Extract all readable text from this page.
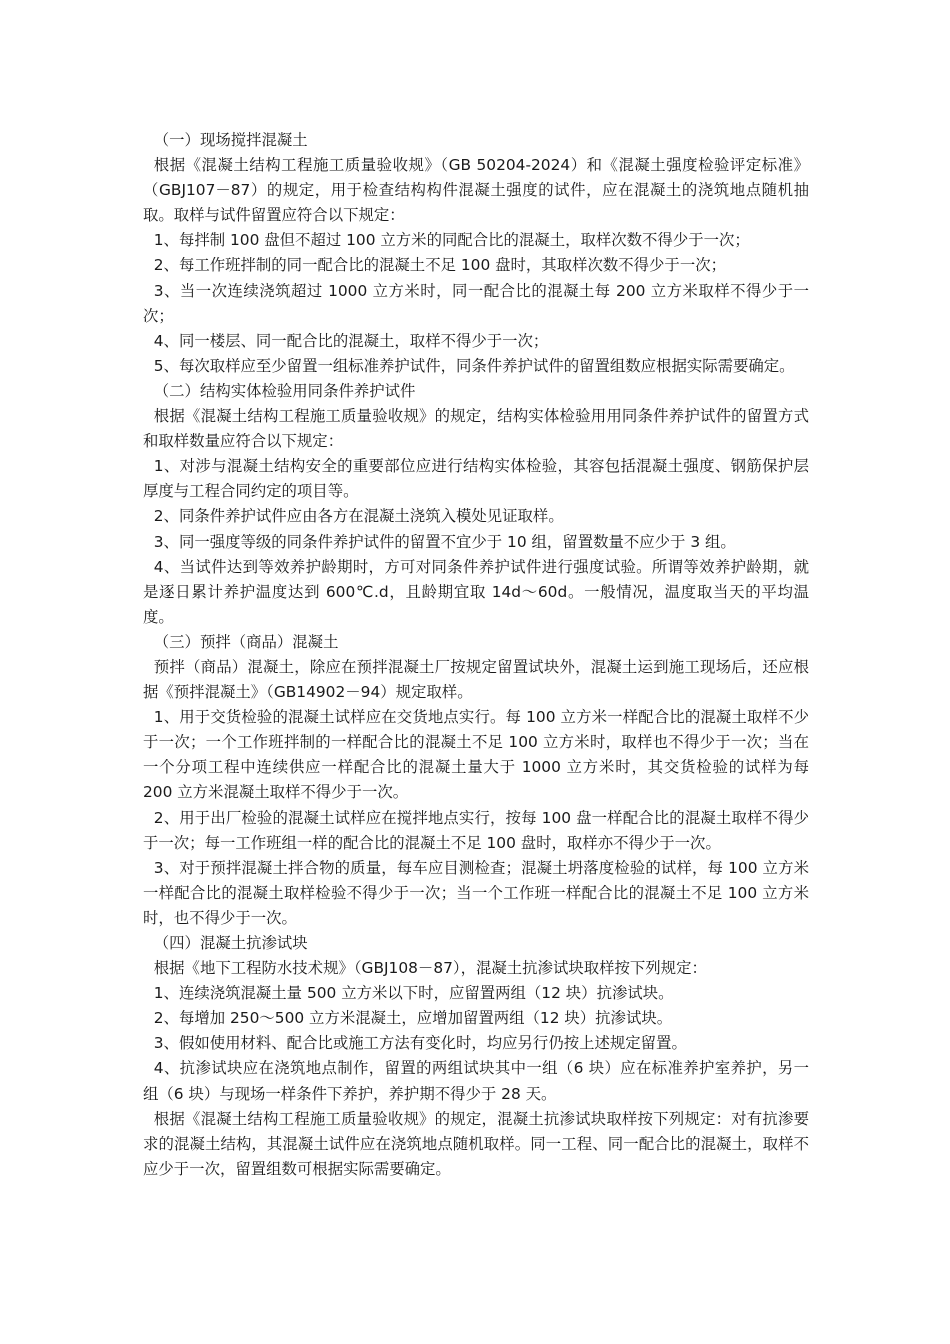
（一）现场搅拌混凝土

根据《混凝土结构工程施工质量验收规》（GB 50204-2024）和《混凝土强度检验评定标准》（GBJ107－87）的规定，用于检查结构构件混凝土强度的试件，应在混凝土的浇筑地点随机抽取。取样与试件留置应符合以下规定：

1、每拌制 100 盘但不超过 100 立方米的同配合比的混凝土，取样次数不得少于一次；

2、每工作班拌制的同一配合比的混凝土不足 100 盘时，其取样次数不得少于一次；

3、当一次连续浇筑超过 1000 立方米时，同一配合比的混凝土每 200 立方米取样不得少于一次；

4、同一楼层、同一配合比的混凝土，取样不得少于一次；

5、每次取样应至少留置一组标准养护试件，同条件养护试件的留置组数应根据实际需要确定。

（二）结构实体检验用同条件养护试件

根据《混凝土结构工程施工质量验收规》的规定，结构实体检验用用同条件养护试件的留置方式和取样数量应符合以下规定：

1、对涉与混凝土结构安全的重要部位应进行结构实体检验，其容包括混凝土强度、钢筋保护层厚度与工程合同约定的项目等。

2、同条件养护试件应由各方在混凝土浇筑入模处见证取样。

3、同一强度等级的同条件养护试件的留置不宜少于 10 组，留置数量不应少于 3 组。

4、当试件达到等效养护龄期时，方可对同条件养护试件进行强度试验。所谓等效养护龄期，就是逐日累计养护温度达到 600℃.d，且龄期宜取 14d～60d。一般情况，温度取当天的平均温度。

（三）预拌（商品）混凝土

预拌（商品）混凝土，除应在预拌混凝土厂按规定留置试块外，混凝土运到施工现场后，还应根据《预拌混凝土》（GB14902－94）规定取样。

1、用于交货检验的混凝土试样应在交货地点实行。每 100 立方米一样配合比的混凝土取样不少于一次；一个工作班拌制的一样配合比的混凝土不足 100 立方米时，取样也不得少于一次；当在一个分项工程中连续供应一样配合比的混凝土量大于 1000 立方米时，其交货检验的试样为每 200 立方米混凝土取样不得少于一次。

2、用于出厂检验的混凝土试样应在搅拌地点实行，按每 100 盘一样配合比的混凝土取样不得少于一次；每一工作班组一样的配合比的混凝土不足 100 盘时，取样亦不得少于一次。

3、对于预拌混凝土拌合物的质量，每车应目测检查；混凝土坍落度检验的试样，每 100 立方米一样配合比的混凝土取样检验不得少于一次；当一个工作班一样配合比的混凝土不足 100 立方米时，也不得少于一次。

（四）混凝土抗渗试块

根据《地下工程防水技术规》（GBJ108－87），混凝土抗渗试块取样按下列规定：

1、连续浇筑混凝土量 500 立方米以下时，应留置两组（12 块）抗渗试块。

2、每增加 250～500 立方米混凝土，应增加留置两组（12 块）抗渗试块。

3、假如使用材料、配合比或施工方法有变化时，均应另行仍按上述规定留置。

4、抗渗试块应在浇筑地点制作，留置的两组试块其中一组（6 块）应在标准养护室养护，另一组（6 块）与现场一样条件下养护，养护期不得少于 28 天。

根据《混凝土结构工程施工质量验收规》的规定，混凝土抗渗试块取样按下列规定：对有抗渗要求的混凝土结构，其混凝土试件应在浇筑地点随机取样。同一工程、同一配合比的混凝土，取样不应少于一次，留置组数可根据实际需要确定。
